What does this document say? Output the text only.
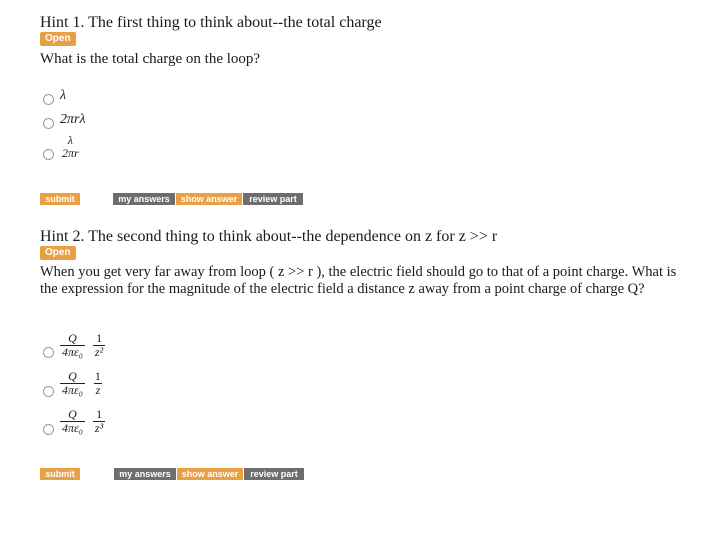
Hint 1. The first thing to think about--the total charge
Open
What is the total charge on the loop?
λ
2πrλ
λ
2πr
submit	my answers	show answer	review part
Hint 2. The second thing to think about--the dependence on z for z >> r
Open
When you get very far away from loop ( z >> r ), the electric field should go to that of a point charge. What is the expression for the magnitude of the electric field a distance z away from a point charge of charge Q?
$\frac{Q}{\text{4πε₀}} \frac{1}{\text{z²}}$
$\frac{Q}{\text{4πε₀}} \frac{1}{z}$
$\frac{Q}{\text{4πε₀}} \frac{1}{\text{z³}}$
submit	my answers	show answer	review part
